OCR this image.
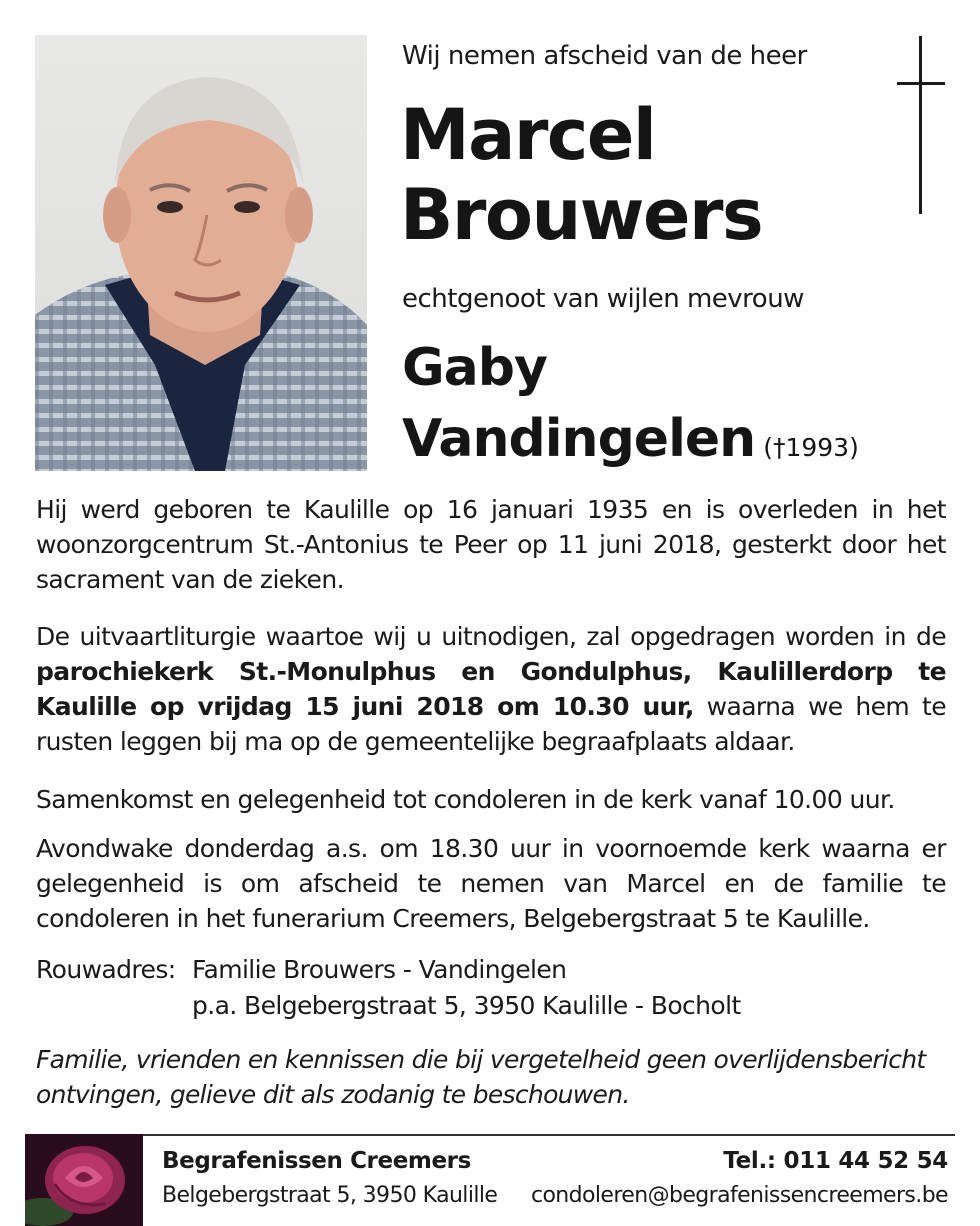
Wij nemen afscheid van de heer
Marcel
Brouwers
echtgenoot van wijlen mevrouw
Gaby
Vandingelen (†1993)
Hij werd geboren te Kaulille op 16 januari 1935 en is overleden in het woonzorgcentrum St.-Antonius te Peer op 11 juni 2018, gesterkt door het sacrament van de zieken.
De uitvaartliturgie waartoe wij u uitnodigen, zal opgedragen worden in de parochiekerk St.-Monulphus en Gondulphus, Kaulillerdorp te Kaulille op vrijdag 15 juni 2018 om 10.30 uur, waarna we hem te rusten leggen bij ma op de gemeentelijke begraafplaats aldaar.
Samenkomst en gelegenheid tot condoleren in de kerk vanaf 10.00 uur.
Avondwake donderdag a.s. om 18.30 uur in voornoemde kerk waarna er gelegenheid is om afscheid te nemen van Marcel en de familie te condoleren in het funerarium Creemers, Belgebergstraat 5 te Kaulille.
Rouwadres: Familie Brouwers - Vandingelen
p.a. Belgebergstraat 5, 3950 Kaulille - Bocholt
Familie, vrienden en kennissen die bij vergetelheid geen overlijdensbericht ontvingen, gelieve dit als zodanig te beschouwen.
Begrafenissen Creemers	Tel.: 011 44 52 54
Belgebergstraat 5, 3950 Kaulille condoleren@begrafenissencreemers.be
